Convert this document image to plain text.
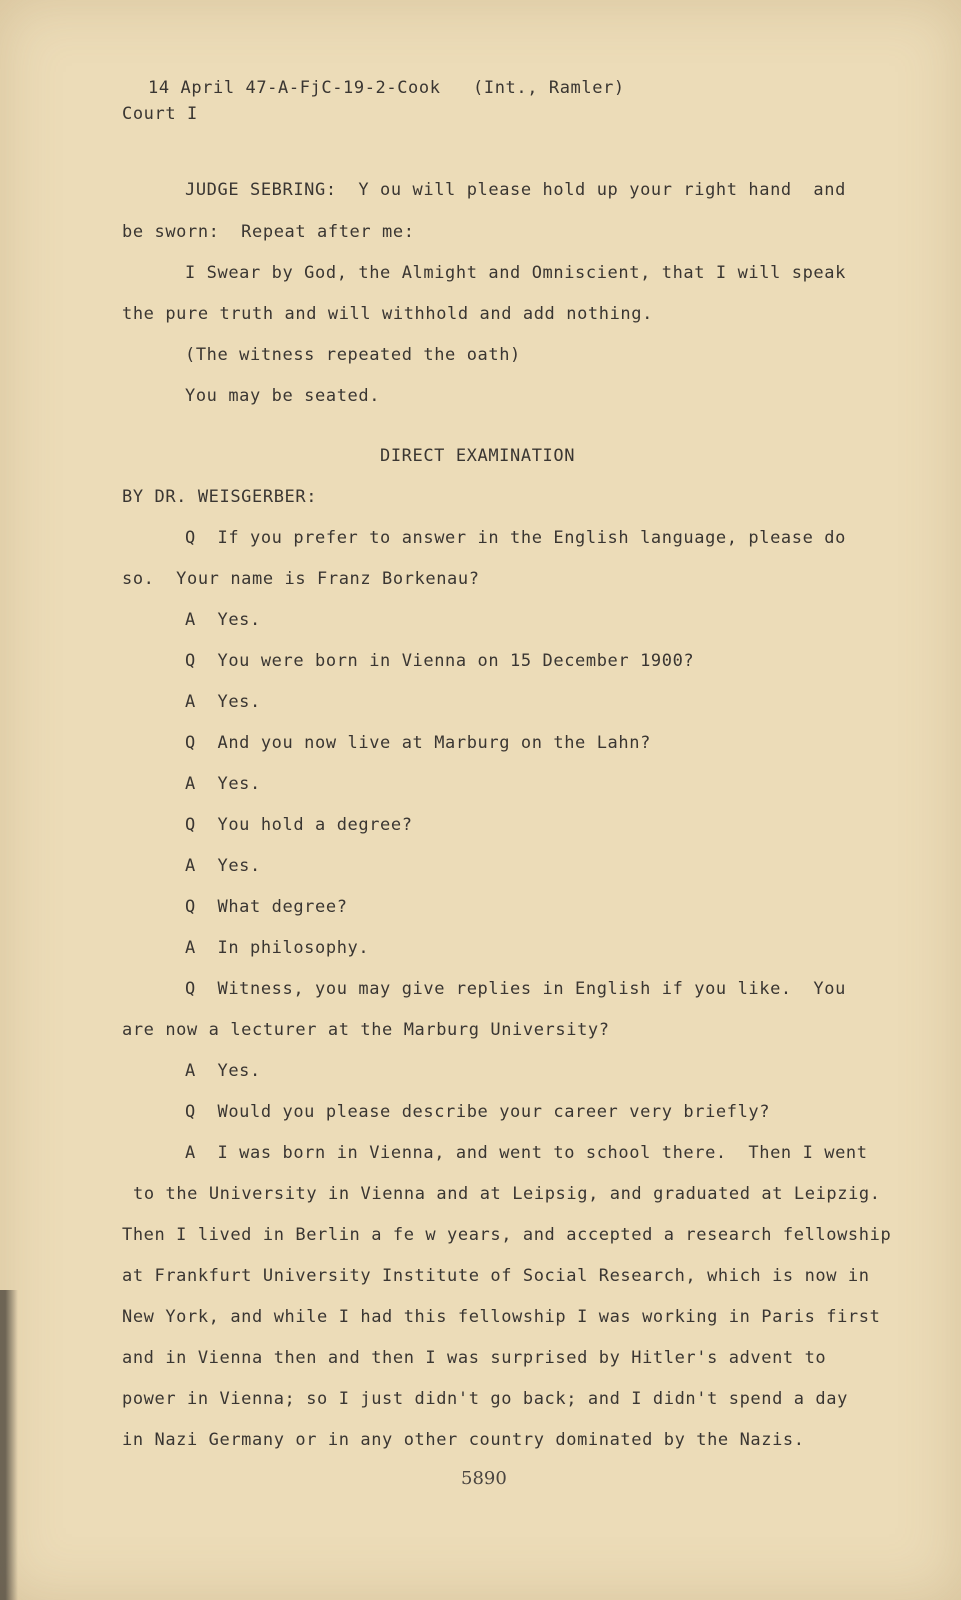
14 April 47-A-FjC-19-2-Cook   (Int., Ramler)
Court I
JUDGE SEBRING:  Y ou will please hold up your right hand  and
be sworn:  Repeat after me:
I Swear by God, the Almight and Omniscient, that I will speak
the pure truth and will withhold and add nothing.
(The witness repeated the oath)
You may be seated.
DIRECT EXAMINATION
BY DR. WEISGERBER:
Q  If you prefer to answer in the English language, please do
so.  Your name is Franz Borkenau?
A  Yes.
Q  You were born in Vienna on 15 December 1900?
A  Yes.
Q  And you now live at Marburg on the Lahn?
A  Yes.
Q  You hold a degree?
A  Yes.
Q  What degree?
A  In philosophy.
Q  Witness, you may give replies in English if you like.  You
are now a lecturer at the Marburg University?
A  Yes.
Q  Would you please describe your career very briefly?
A  I was born in Vienna, and went to school there.  Then I went
to the University in Vienna and at Leipsig, and graduated at Leipzig.
Then I lived in Berlin a fe w years, and accepted a research fellowship
at Frankfurt University Institute of Social Research, which is now in
New York, and while I had this fellowship I was working in Paris first
and in Vienna then and then I was surprised by Hitler's advent to
power in Vienna; so I just didn't go back; and I didn't spend a day
in Nazi Germany or in any other country dominated by the Nazis.
5890
